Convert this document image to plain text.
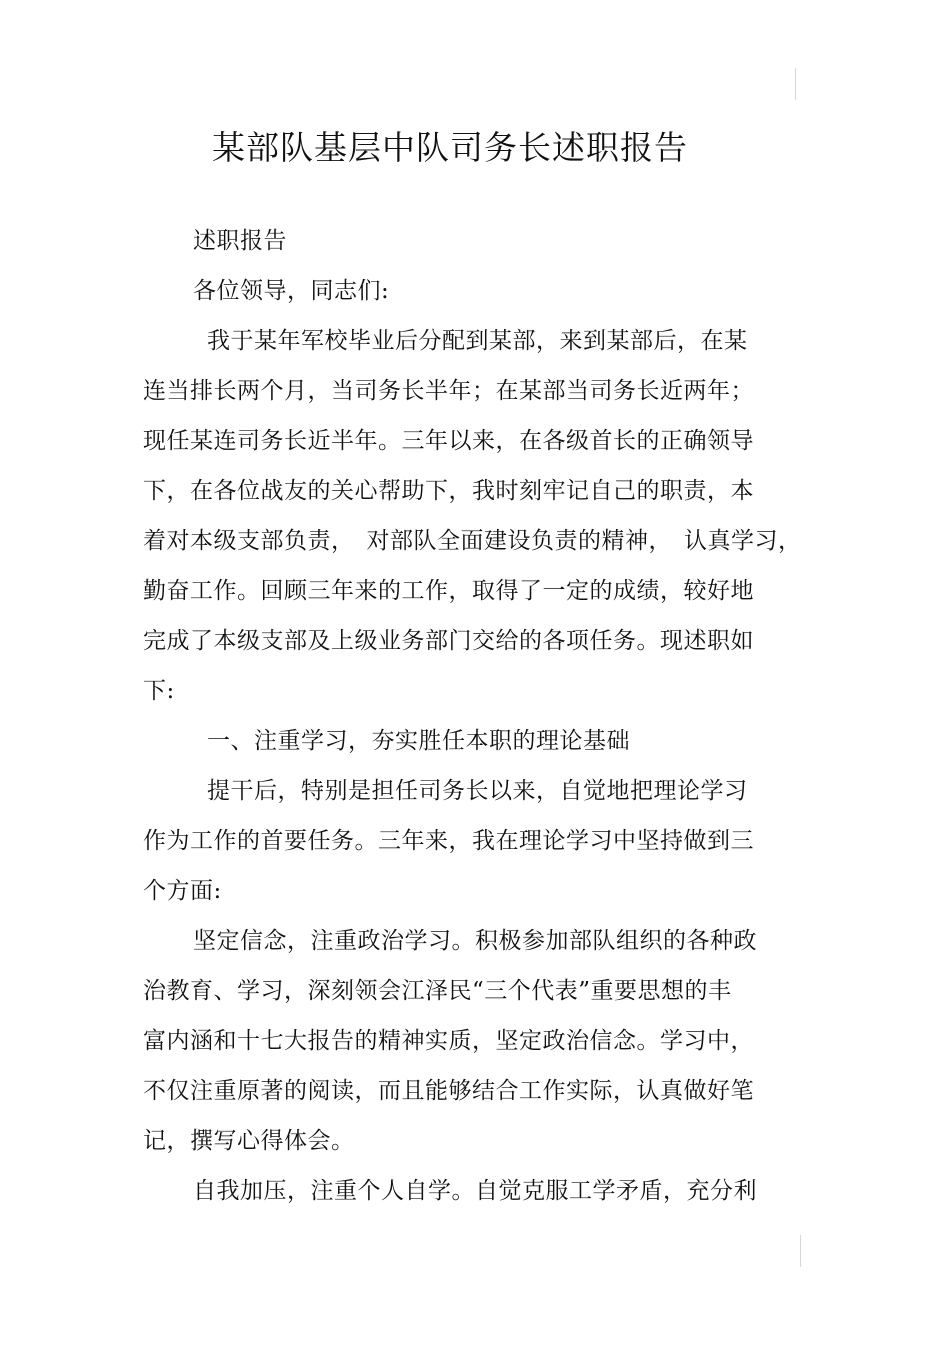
某部队基层中队司务长述职报告
述职报告
各位领导，同志们:
我于某年军校毕业后分配到某部，来到某部后，在某
连当排长两个月，当司务长半年；在某部当司务长近两年；
现任某连司务长近半年。三年以来，在各级首长的正确领导
下，在各位战友的关心帮助下，我时刻牢记自己的职责，本
着对本级支部负责，　对部队全面建设负责的精神，　认真学习，
勤奋工作。回顾三年来的工作，取得了一定的成绩，较好地
完成了本级支部及上级业务部门交给的各项任务。现述职如
下:
一、注重学习，夯实胜任本职的理论基础
提干后，特别是担任司务长以来，自觉地把理论学习
作为工作的首要任务。三年来，我在理论学习中坚持做到三
个方面:
坚定信念，注重政治学习。积极参加部队组织的各种政
治教育、学习，深刻领会江泽民“三个代表”重要思想的丰
富内涵和十七大报告的精神实质，坚定政治信念。学习中，
不仅注重原著的阅读，而且能够结合工作实际，认真做好笔
记，撰写心得体会。
自我加压，注重个人自学。自觉克服工学矛盾，充分利
